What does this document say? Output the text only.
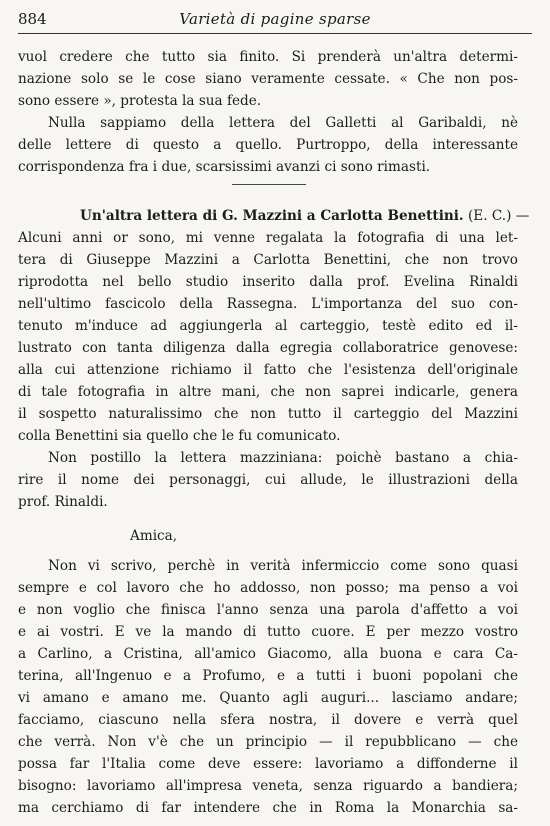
884	Varietà di pagine sparse
vuol credere che tutto sia finito. Si prenderà un'altra determi-
nazione solo se le cose siano veramente cessate. « Che non pos-
sono essere », protesta la sua fede.
Nulla sappiamo della lettera del Galletti al Garibaldi, nè
delle lettere di questo a quello. Purtroppo, della interessante
corrispondenza fra i due, scarsissimi avanzi ci sono rimasti.
Un'altra lettera di G. Mazzini a Carlotta Benettini. (E. C.) —
Alcuni anni or sono, mi venne regalata la fotografia di una let-
tera di Giuseppe Mazzini a Carlotta Benettini, che non trovo
riprodotta nel bello studio inserito dalla prof. Evelina Rinaldi
nell'ultimo fascicolo della Rassegna. L'importanza del suo con-
tenuto m'induce ad aggiungerla al carteggio, testè edito ed il-
lustrato con tanta diligenza dalla egregia collaboratrice genovese:
alla cui attenzione richiamo il fatto che l'esistenza dell'originale
di tale fotografia in altre mani, che non saprei indicarle, genera
il sospetto naturalissimo che non tutto il carteggio del Mazzini
colla Benettini sia quello che le fu comunicato.
Non postillo la lettera mazziniana: poichè bastano a chia-
rire il nome dei personaggi, cui allude, le illustrazioni della
prof. Rinaldi.
Amica,
Non vi scrivo, perchè in verità infermiccio come sono quasi
sempre e col lavoro che ho addosso, non posso; ma penso a voi
e non voglio che finisca l'anno senza una parola d'affetto a voi
e ai vostri. E ve la mando di tutto cuore. E per mezzo vostro
a Carlino, a Cristina, all'amico Giacomo, alla buona e cara Ca-
terina, all'Ingenuo e a Profumo, e a tutti i buoni popolani che
vi amano e amano me. Quanto agli auguri... lasciamo andare;
facciamo, ciascuno nella sfera nostra, il dovere e verrà quel
che verrà. Non v'è che un principio — il repubblicano — che
possa far l'Italia come deve essere: lavoriamo a diffonderne il
bisogno: lavoriamo all'impresa veneta, senza riguardo a bandiera;
ma cerchiamo di far intendere che in Roma la Monarchia sa-
